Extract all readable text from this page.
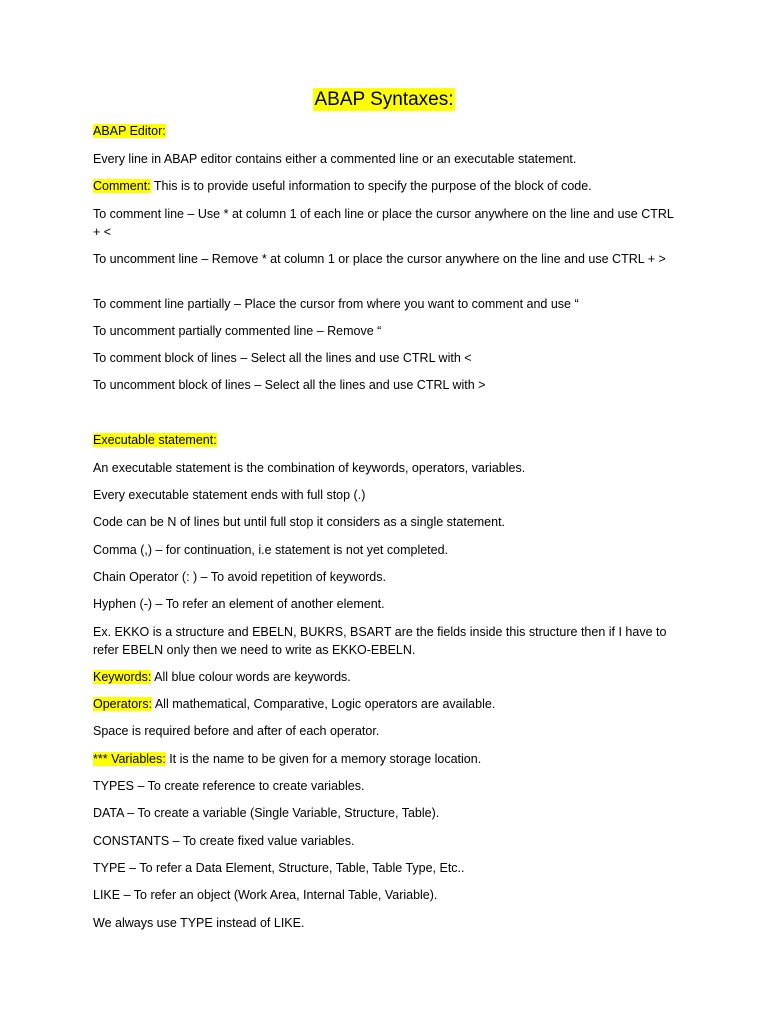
ABAP Syntaxes:
ABAP Editor:
Every line in ABAP editor contains either a commented line or an executable statement.
Comment: This is to provide useful information to specify the purpose of the block of code.
To comment line – Use * at column 1 of each line or place the cursor anywhere on the line and use CTRL + <
To uncomment line – Remove * at column 1 or place the cursor anywhere on the line and use CTRL + >
To comment line partially – Place the cursor from where you want to comment and use “
To uncomment partially commented line – Remove “
To comment block of lines – Select all the lines and use CTRL with <
To uncomment block of lines – Select all the lines and use CTRL with >
Executable statement:
An executable statement is the combination of keywords, operators, variables.
Every executable statement ends with full stop (.)
Code can be N of lines but until full stop it considers as a single statement.
Comma (,) – for continuation, i.e statement is not yet completed.
Chain Operator (: ) – To avoid repetition of keywords.
Hyphen (-) – To refer an element of another element.
Ex. EKKO is a structure and EBELN, BUKRS, BSART are the fields inside this structure then if I have to refer EBELN only then we need to write as EKKO-EBELN.
Keywords: All blue colour words are keywords.
Operators: All mathematical, Comparative, Logic operators are available.
Space is required before and after of each operator.
*** Variables: It is the name to be given for a memory storage location.
TYPES – To create reference to create variables.
DATA – To create a variable (Single Variable, Structure, Table).
CONSTANTS – To create fixed value variables.
TYPE – To refer a Data Element, Structure, Table, Table Type, Etc..
LIKE – To refer an object (Work Area, Internal Table, Variable).
We always use TYPE instead of LIKE.
